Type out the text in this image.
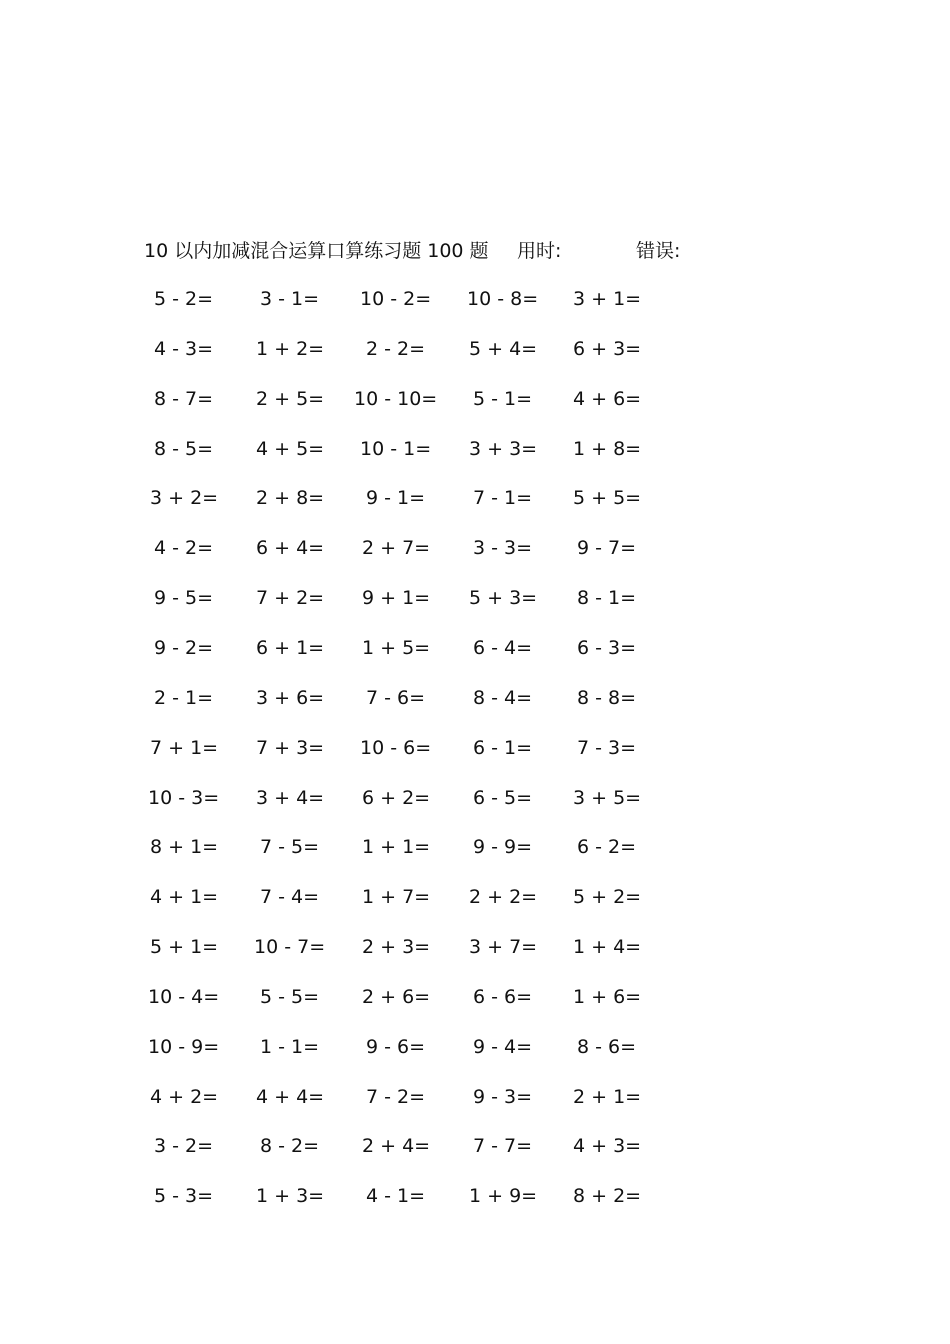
10 以内加减混合运算口算练习题 100 题 用时:	错误:
5 - 2= 3 - 1= 10 - 2= 10 - 8= 3 + 1=
4 - 3= 1 + 2= 2 - 2= 5 + 4= 6 + 3=
8 - 7= 2 + 5= 10 - 10= 5 - 1= 4 + 6=
8 - 5= 4 + 5= 10 - 1= 3 + 3= 1 + 8=
3 + 2= 2 + 8= 9 - 1=	7 - 1= 5 + 5=
4 - 2= 6 + 4= 2 + 7= 3 - 3= 9 - 7=
9 - 5= 7 + 2= 9 + 1= 5 + 3= 8 - 1=
9 - 2= 6 + 1= 1 + 5= 6 - 4= 6 - 3=
2 - 1= 3 + 6= 7 - 6=	8 - 4= 8 - 8=
7 + 1= 7 + 3= 10 - 6= 6 - 1= 7 - 3=
10 - 3= 3 + 4= 6 + 2= 6 - 5= 3 + 5=
8 + 1= 7 - 5= 1 + 1= 9 - 9= 6 - 2=
4 + 1= 7 - 4= 1 + 7= 2 + 2= 5 + 2=
5 + 1= 10 - 7= 2 + 3= 3 + 7= 1 + 4=
10 - 4= 5 - 5= 2 + 6= 6 - 6= 1 + 6=
10 - 9= 1 - 1= 9 - 6=	9 - 4= 8 - 6=
4 + 2= 4 + 4= 7 - 2=	9 - 3= 2 + 1=
3 - 2= 8 - 2= 2 + 4= 7 - 7= 4 + 3=
5 - 3= 1 + 3= 4 - 1= 1 + 9= 8 + 2=
